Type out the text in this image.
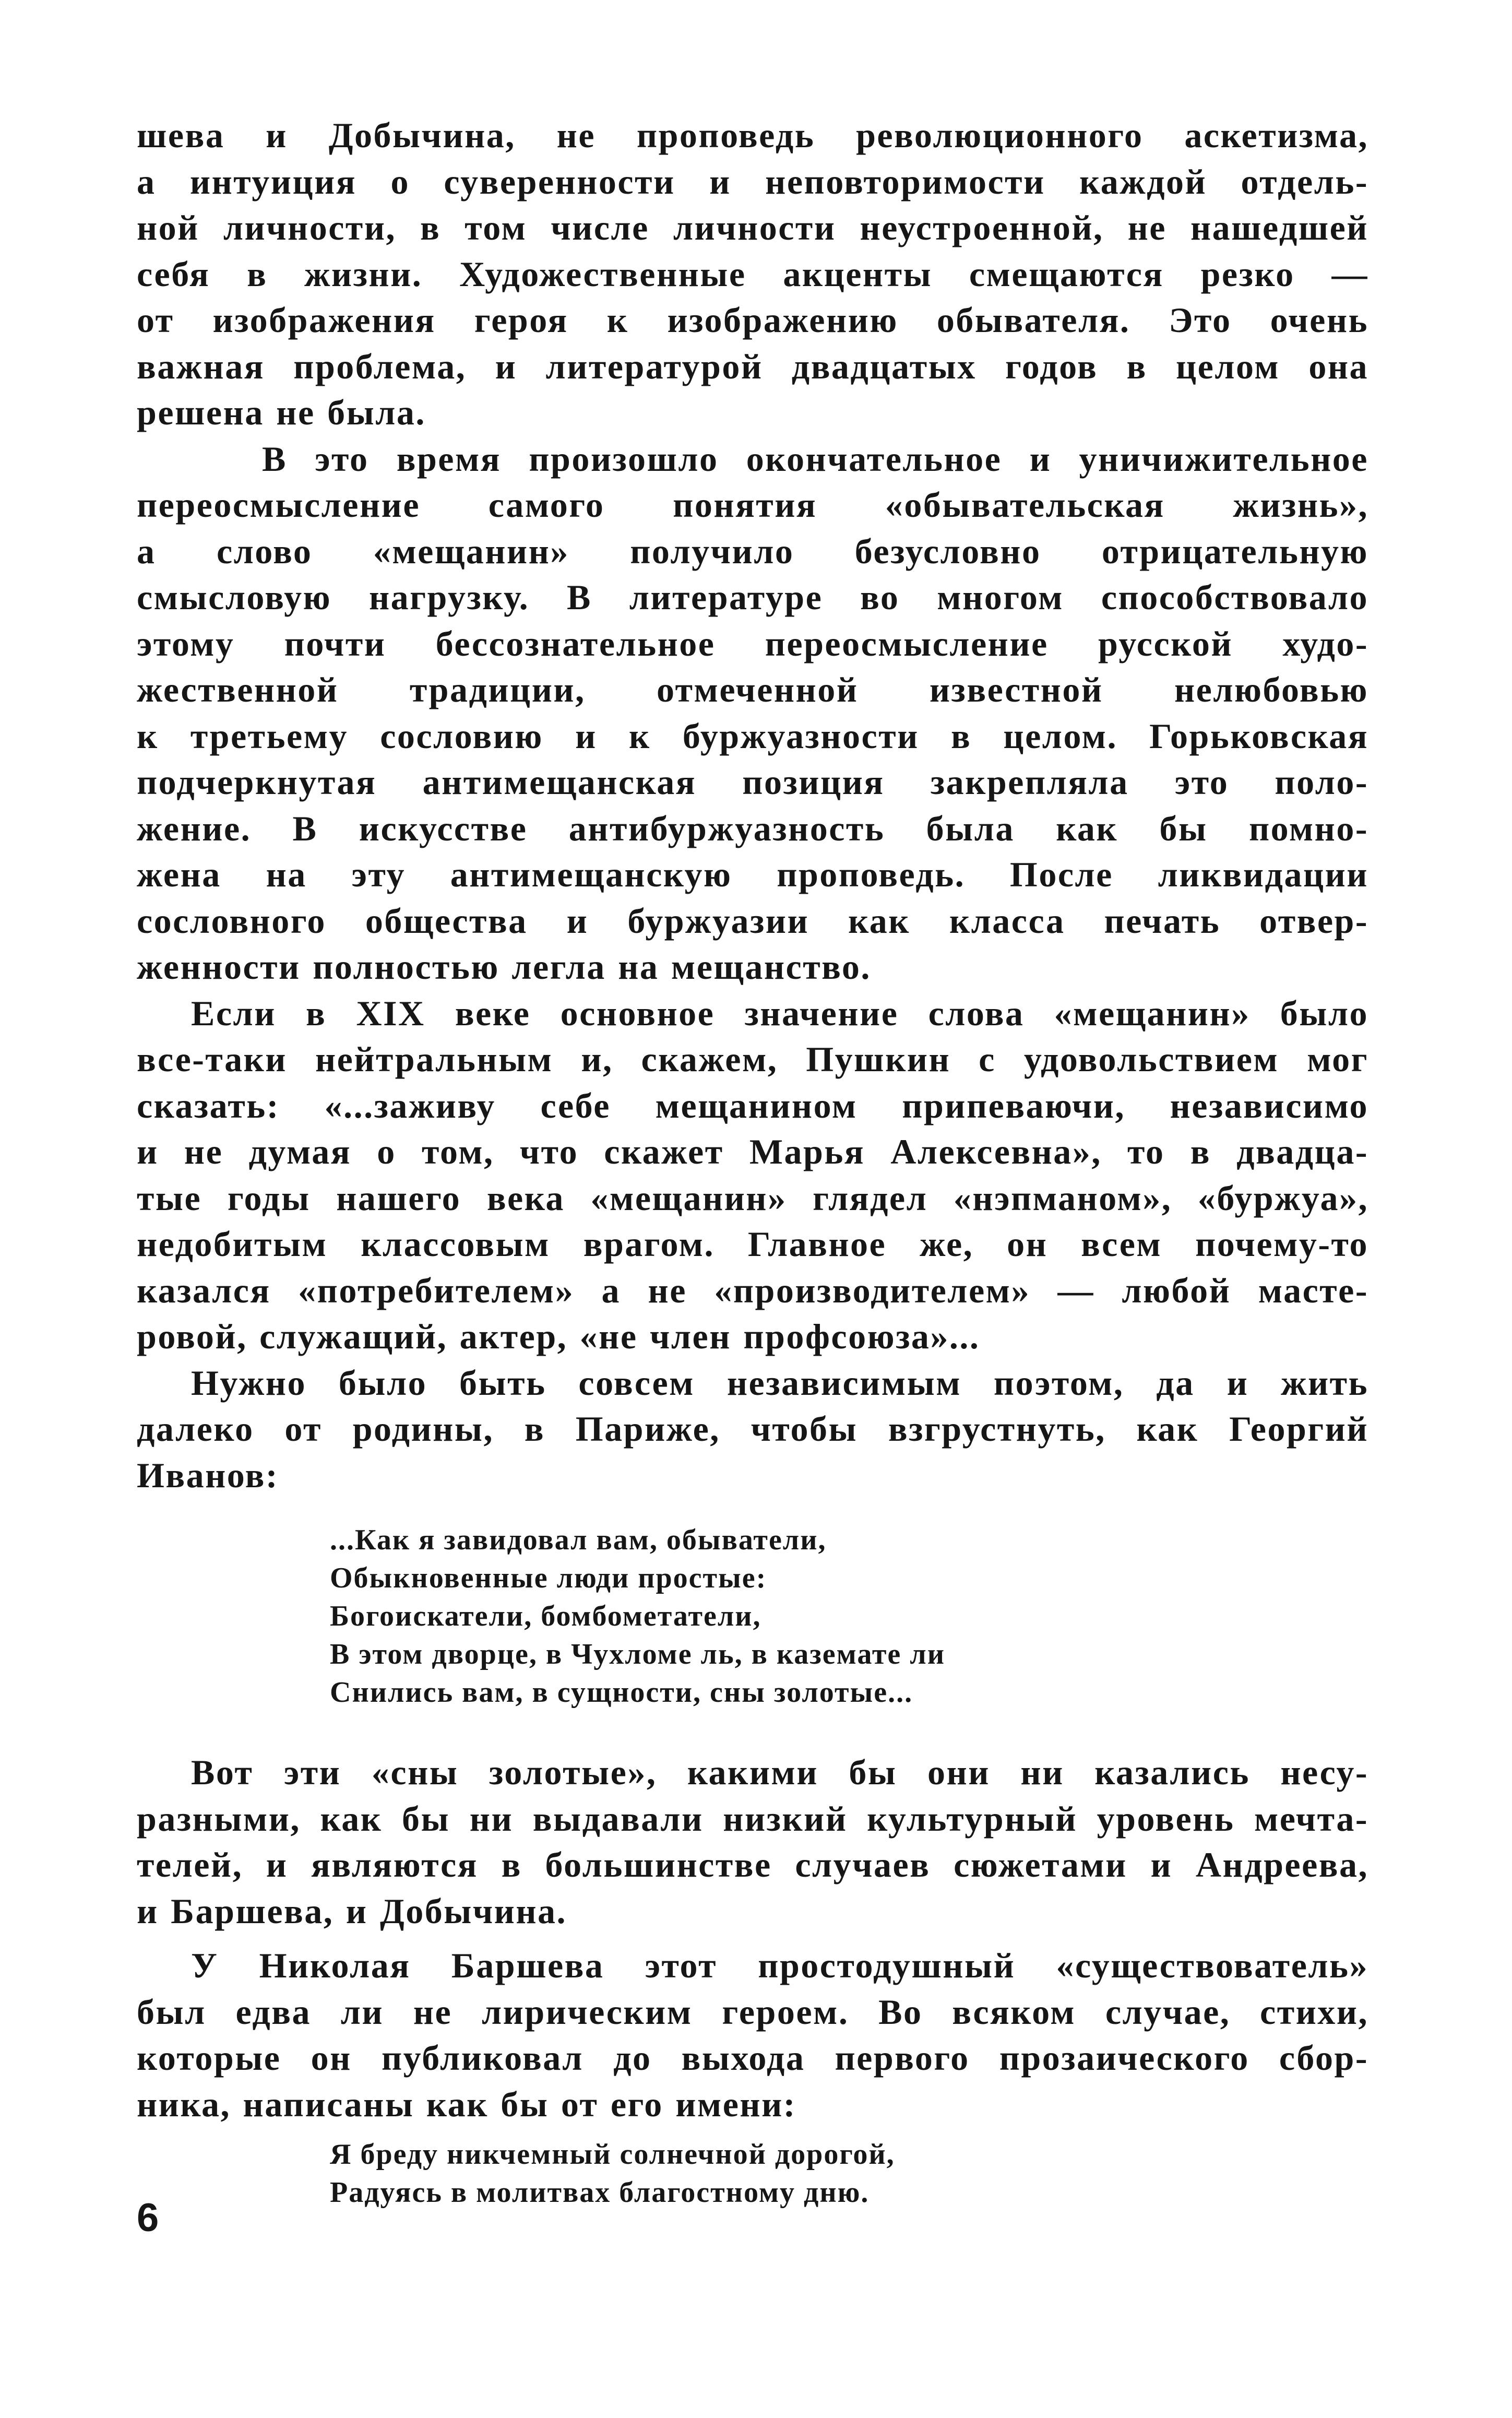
шева и Добычина, не проповедь революционного аскетизма,
а интуиция о суверенности и неповторимости каждой отдель-
ной личности, в том числе личности неустроенной, не нашедшей
себя в жизни. Художественные акценты смещаются резко —
от изображения героя к изображению обывателя. Это очень
важная проблема, и литературой двадцатых годов в целом она
решена не была.
В это время произошло окончательное и уничижительное
переосмысление самого понятия «обывательская жизнь»,
а слово «мещанин» получило безусловно отрицательную
смысловую нагрузку. В литературе во многом способствовало
этому почти бессознательное переосмысление русской худо-
жественной традиции, отмеченной известной нелюбовью
к третьему сословию и к буржуазности в целом. Горьковская
подчеркнутая антимещанская позиция закрепляла это поло-
жение. В искусстве антибуржуазность была как бы помно-
жена на эту антимещанскую проповедь. После ликвидации
сословного общества и буржуазии как класса печать отвер-
женности полностью легла на мещанство.
Если в XIX веке основное значение слова «мещанин» было
все-таки нейтральным и, скажем, Пушкин с удовольствием мог
сказать: «...заживу себе мещанином припеваючи, независимо
и не думая о том, что скажет Марья Алексевна», то в двадца-
тые годы нашего века «мещанин» глядел «нэпманом», «буржуа»,
недобитым классовым врагом. Главное же, он всем почему-то
казался «потребителем» а не «производителем» — любой масте-
ровой, служащий, актер, «не член профсоюза»...
Нужно было быть совсем независимым поэтом, да и жить
далеко от родины, в Париже, чтобы взгрустнуть, как Георгий
Иванов:
...Как я завидовал вам, обыватели,
Обыкновенные люди простые:
Богоискатели, бомбометатели,
В этом дворце, в Чухломе ль, в каземате ли
Снились вам, в сущности, сны золотые...
Вот эти «сны золотые», какими бы они ни казались несу-
разными, как бы ни выдавали низкий культурный уровень мечта-
телей, и являются в большинстве случаев сюжетами и Андреева,
и Баршева, и Добычина.
У Николая Баршева этот простодушный «существователь»
был едва ли не лирическим героем. Во всяком случае, стихи,
которые он публиковал до выхода первого прозаического сбор-
ника, написаны как бы от его имени:
Я бреду никчемный солнечной дорогой,
Радуясь в молитвах благостному дню.
6
